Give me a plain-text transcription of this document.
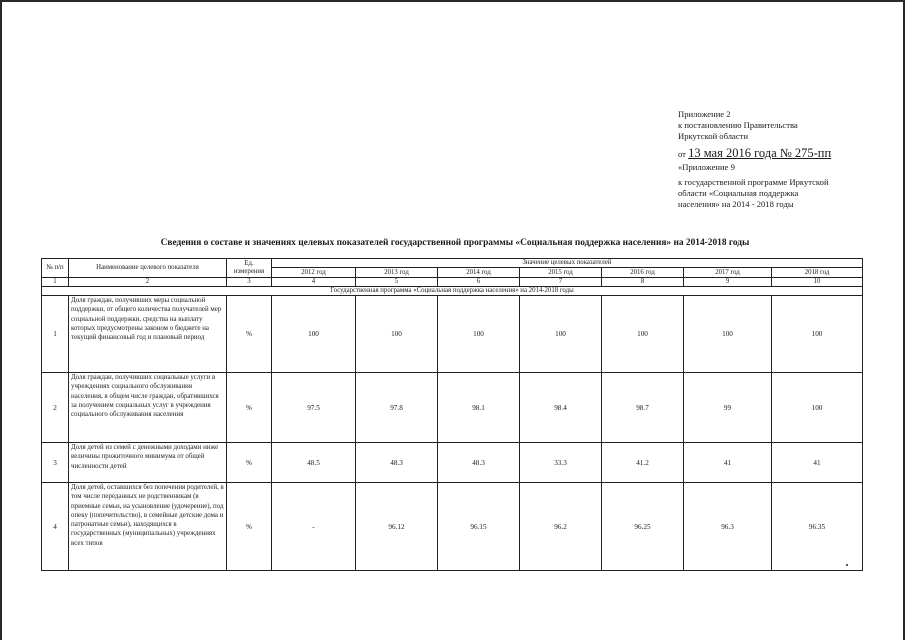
Приложение 2
к постановлению Правительства
Иркутской области
от 13 мая 2016 года № 275-пп
«Приложение 9
к государственной программе Иркутской
области «Социальная поддержка
населения» на 2014 - 2018 годы
Сведения о составе и значениях целевых показателей государственной программы «Социальная поддержка населения» на 2014-2018 годы
№ п/п	Наименование целевого показателя	Ед. измерения	Значение целевых показателей						
			2012 год	2013 год	2014 год	2015 год	2016 год	2017 год	2018 год
1	2	3	4	5	6	7	8	9	10
Государственная программа «Социальная поддержка населения» на 2014-2018 годы									
1	Доля граждан, получивших меры социальной поддержки, от общего количества получателей мер социальной поддержки, средства на выплату которых предусмотрены законом о бюджете на текущий финансовый год и плановый период	%	100	100	100	100	100	100	100
2	Доля граждан, получивших социальные услуги в учреждениях социального обслуживания населения, в общем числе граждан, обратившихся за получением социальных услуг в учреждения социального обслуживания населения	%	97.5	97.8	98.1	98.4	98.7	99	100
3	Доля детей из семей с денежными доходами ниже величины прожиточного минимума от общей численности детей	%	48.5	48.3	48.3	33.3	41.2	41	41
4	Доля детей, оставшихся без попечения родителей, в том числе переданных не родственникам (в приемные семьи, на усыновление (удочерение), под опеку (попечительство), в семейные детские дома и патронатные семьи), находящихся в государственных (муниципальных) учреждениях всех типов	%	-	96.12	96.15	96.2	96.25	96.3	96.35
